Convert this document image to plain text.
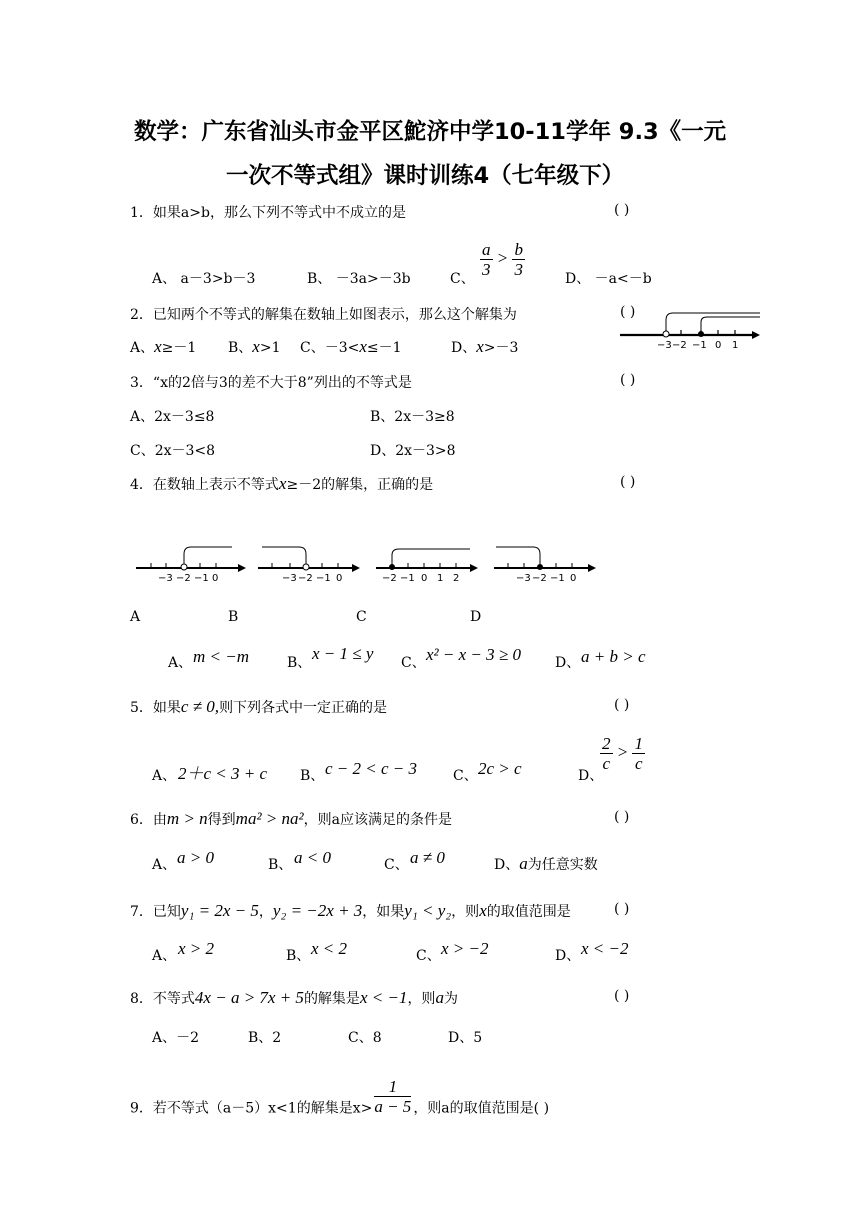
数学：广东省汕头市金平区鮀济中学10-11学年 9.3《一元
一次不等式组》课时训练4（七年级下）
1．如果a>b，那么下列不等式中不成立的是	( )
A、 a－3>b－3	B、 －3a>－3b	C、 $\frac{a}{3} > \frac{b}{3}$	D、 －a<－b
2．已知两个不等式的解集在数轴上如图表示，那么这个解集为	( )
A、x≥－1 B、x>1 C、－3<x≤－1	D、x>－3	−3 −2 −1 0 1
3．“x的2倍与3的差不大于8”列出的不等式是	( )
A、2x－3≤8	B、2x－3≥8
C、2x－3<8	D、2x－3>8
4．在数轴上表示不等式x≥－2的解集，正确的是	( )
−3 −2 −1 0	−3 −2 −1 0	−2 −1 0 1 2	−3 −2 −1 0
A	B	C	D
A、 m < −m	B、 x − 1 ≤ y C、 x² − x − 3 ≥ 0 D、 a + b > c
5．如果c ≠ 0,则下列各式中一定正确的是	( )
A、 2＋c < 3 + c B、 c − 2 < c − 3	C、 2c > c	D、
$\frac{2}{c} > \frac{1}{c}$
6．由m > n得到ma² > na²，则a应该满足的条件是	( )
A、 a > 0	B、 a < 0	C、 a ≠ 0	D、a为任意实数
7．已知y₁ = 2x − 5，y₂ = −2x + 3，如果y₁ < y₂，则x的取值范围是	( )
A、 x > 2	B、 x < 2	C、 x > −2	D、 x < −2
8．不等式4x − a > 7x + 5的解集是x < −1，则a为	( )
A、－2	B、2	C、8	D、5
9．若不等式（a－5）x<1的解集是$x> \frac{1}{a - 5}$ ，则a的取值范围是( )
